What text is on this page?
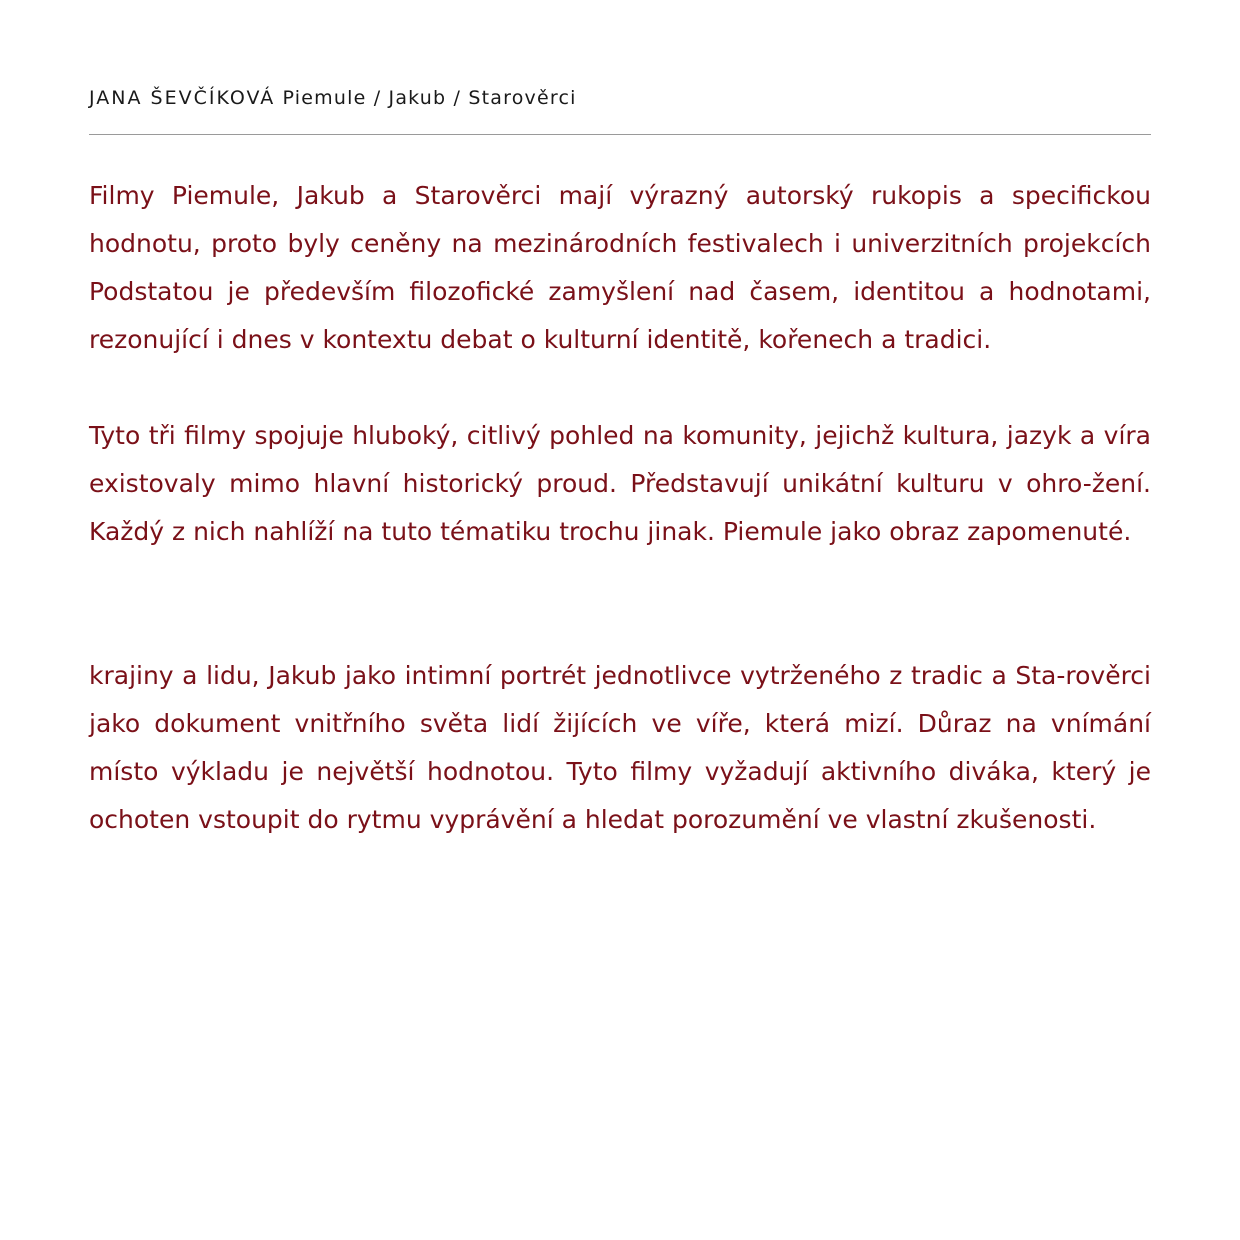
JANA ŠEVČÍKOVÁ Piemule / Jakub / Starověrci

Filmy Piemule, Jakub a Starověrci mají výrazný autorský rukopis a specifickou hodnotu, proto byly ceněny na mezinárodních festivalech i univerzitních projekcích Podstatou je především filozofické zamyšlení nad časem, identitou a hodnotami, rezonující i dnes v kontextu debat o kulturní identitě, kořenech a tradici.

Tyto tři filmy spojuje hluboký, citlivý pohled na komunity, jejichž kultura, jazyk a víra existovaly mimo hlavní historický proud. Představují unikátní kulturu v ohro-žení. Každý z nich nahlíží na tuto tématiku trochu jinak. Piemule jako obraz zapomenuté.

krajiny a lidu, Jakub jako intimní portrét jednotlivce vytrženého z tradic a Sta-rověrci jako dokument vnitřního světa lidí žijících ve víře, která mizí. Důraz na vnímání místo výkladu je největší hodnotou. Tyto filmy vyžadují aktivního diváka, který je ochoten vstoupit do rytmu vyprávění a hledat porozumění ve vlastní zkušenosti.
